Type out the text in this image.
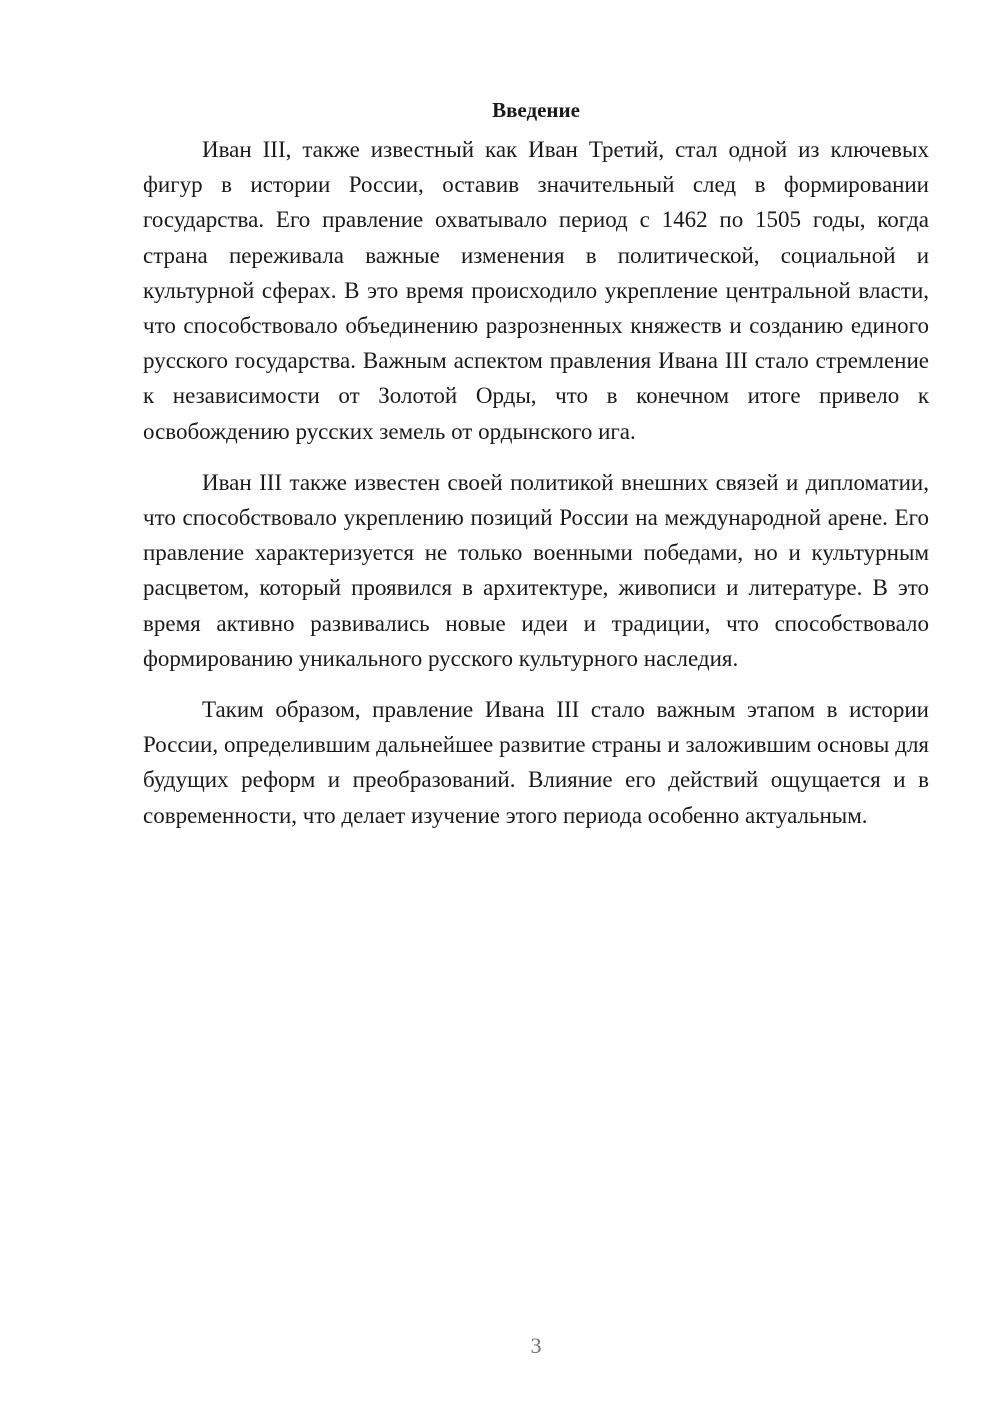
Введение

Иван III, также известный как Иван Третий, стал одной из ключевых фигур в истории России, оставив значительный след в формировании государства. Его правление охватывало период с 1462 по 1505 годы, когда страна переживала важные изменения в политической, социальной и культурной сферах. В это время происходило укрепление центральной власти, что способствовало объединению разрозненных княжеств и созданию единого русского государства. Важным аспектом правления Ивана III стало стремление к независимости от Золотой Орды, что в конечном итоге привело к освобождению русских земель от ордынского ига.

Иван III также известен своей политикой внешних связей и дипломатии, что способствовало укреплению позиций России на международной арене. Его правление характеризуется не только военными победами, но и культурным расцветом, который проявился в архитектуре, живописи и литературе. В это время активно развивались новые идеи и традиции, что способствовало формированию уникального русского культурного наследия.

Таким образом, правление Ивана III стало важным этапом в истории России, определившим дальнейшее развитие страны и заложившим основы для будущих реформ и преобразований. Влияние его действий ощущается и в современности, что делает изучение этого периода особенно актуальным.

3
